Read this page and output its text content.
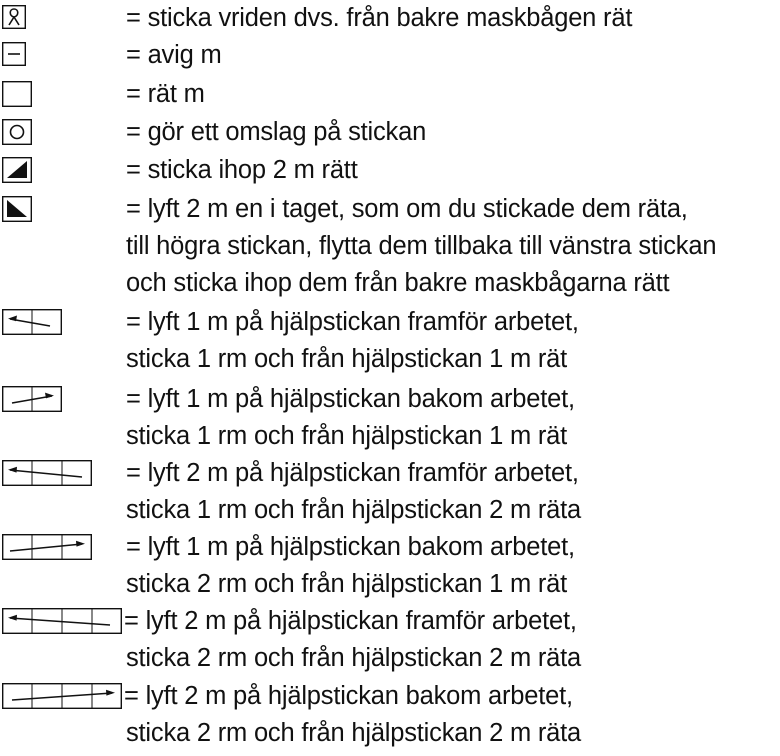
= sticka vriden dvs. från bakre maskbågen rät
= avig m
= rät m
= gör ett omslag på stickan
= sticka ihop 2 m rätt
= lyft 2 m en i taget, som om du stickade dem räta,
till högra stickan, flytta dem tillbaka till vänstra stickan
och sticka ihop dem från bakre maskbågarna rätt
= lyft 1 m på hjälpstickan framför arbetet,
sticka 1 rm och från hjälpstickan 1 m rät
= lyft 1 m på hjälpstickan bakom arbetet,
sticka 1 rm och från hjälpstickan 1 m rät
= lyft 2 m på hjälpstickan framför arbetet,
sticka 1 rm och från hjälpstickan 2 m räta
= lyft 1 m på hjälpstickan bakom arbetet,
sticka 2 rm och från hjälpstickan 1 m rät
= lyft 2 m på hjälpstickan framför arbetet,
sticka 2 rm och från hjälpstickan 2 m räta
= lyft 2 m på hjälpstickan bakom arbetet,
sticka 2 rm och från hjälpstickan 2 m räta
